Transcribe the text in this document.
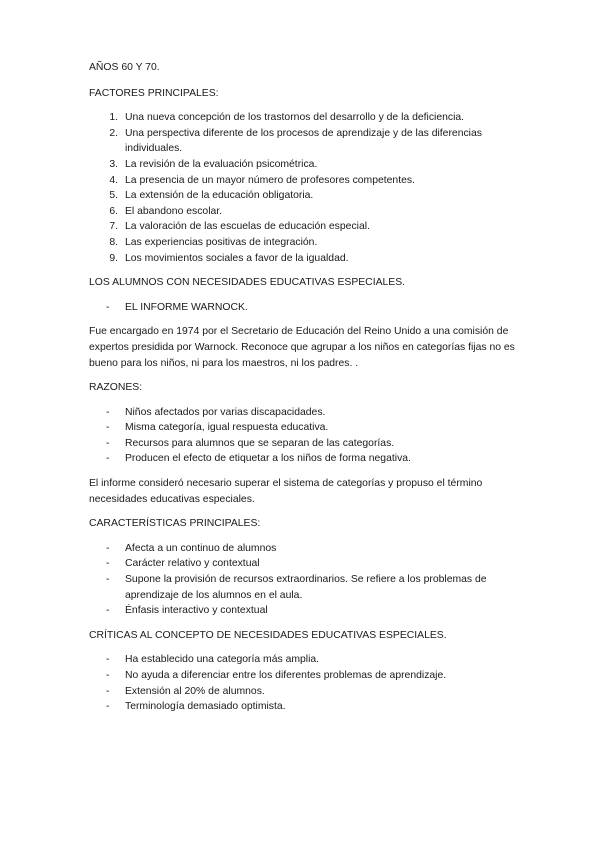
AÑOS 60 Y 70.

FACTORES PRINCIPALES:

1. Una nueva concepción de los trastornos del desarrollo y de la deficiencia.
2. Una perspectiva diferente de los procesos de aprendizaje y de las diferencias individuales.
3. La revisión de la evaluación psicométrica.
4. La presencia de un mayor número de profesores competentes.
5. La extensión de la educación obligatoria.
6. El abandono escolar.
7. La valoración de las escuelas de educación especial.
8. Las experiencias positivas de integración.
9. Los movimientos sociales a favor de la igualdad.

LOS ALUMNOS CON NECESIDADES EDUCATIVAS ESPECIALES.

- EL INFORME WARNOCK.

Fue encargado en 1974 por el Secretario de Educación del Reino Unido a una comisión de expertos presidida por Warnock. Reconoce que agrupar a los niños en categorías fijas no es bueno para los niños, ni para los maestros, ni los padres. .

RAZONES:

- Niños afectados por varias discapacidades.
- Misma categoría, igual respuesta educativa.
- Recursos para alumnos que se separan de las categorías.
- Producen el efecto de etiquetar a los niños de forma negativa.

El informe consideró necesario superar el sistema de categorías y propuso el término necesidades educativas especiales.

CARACTERÍSTICAS PRINCIPALES:

- Afecta a un continuo de alumnos
- Carácter relativo y contextual
- Supone la provisión de recursos extraordinarios. Se refiere a los problemas de aprendizaje de los alumnos en el aula.
- Énfasis interactivo y contextual

CRÍTICAS AL CONCEPTO DE NECESIDADES EDUCATIVAS ESPECIALES.

- Ha establecido una categoría más amplia.
- No ayuda a diferenciar entre los diferentes problemas de aprendizaje.
- Extensión al 20% de alumnos.
- Terminología demasiado optimista.
